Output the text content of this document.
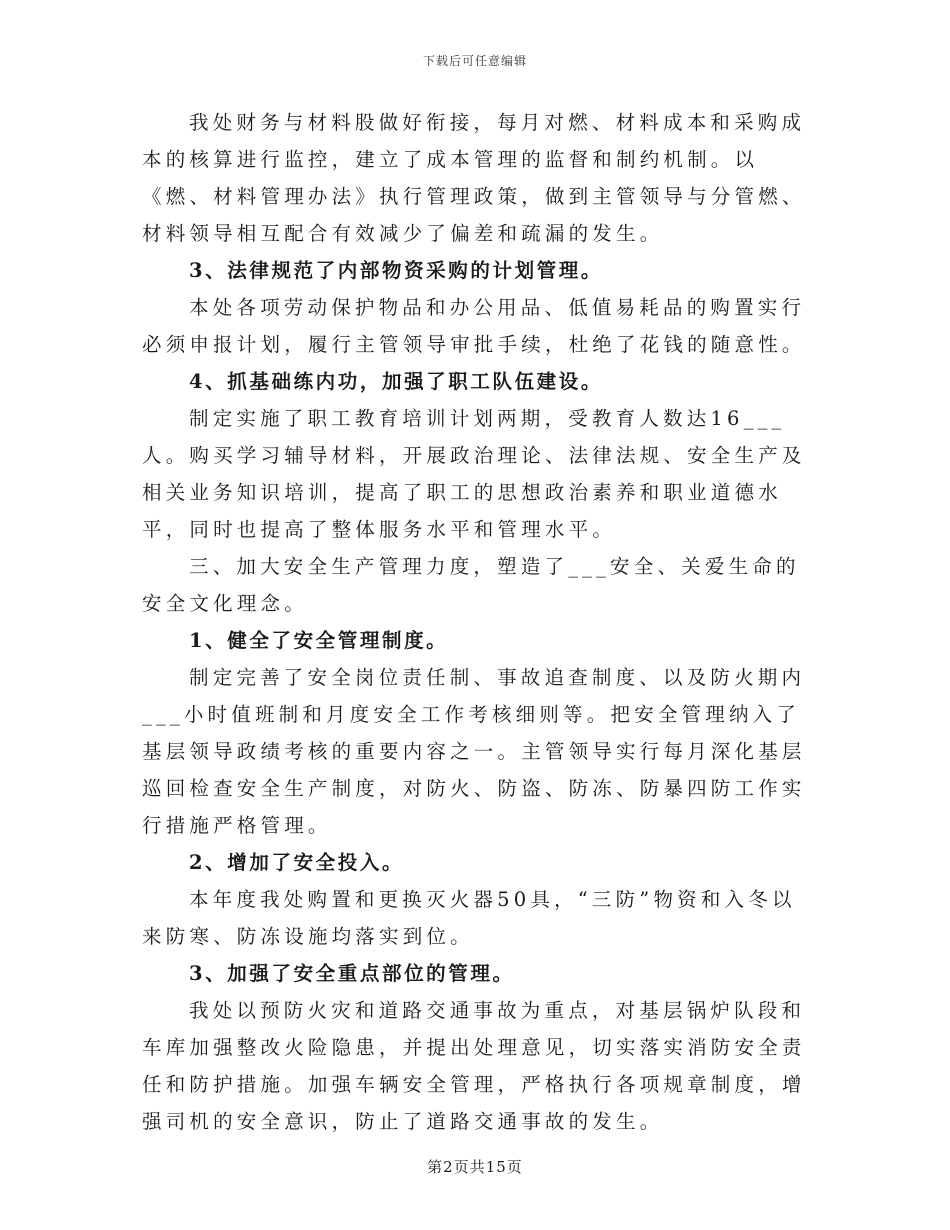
下载后可任意编辑

我处财务与材料股做好衔接，每月对燃、材料成本和采购成本的核算进行监控，建立了成本管理的监督和制约机制。以《燃、材料管理办法》执行管理政策，做到主管领导与分管燃、材料领导相互配合有效减少了偏差和疏漏的发生。

3、法律规范了内部物资采购的计划管理。

本处各项劳动保护物品和办公用品、低值易耗品的购置实行必须申报计划，履行主管领导审批手续，杜绝了花钱的随意性。

4、抓基础练内功，加强了职工队伍建设。

制定实施了职工教育培训计划两期，受教育人数达16___人。购买学习辅导材料，开展政治理论、法律法规、安全生产及相关业务知识培训，提高了职工的思想政治素养和职业道德水平，同时也提高了整体服务水平和管理水平。

三、加大安全生产管理力度，塑造了___安全、关爱生命的安全文化理念。

1、健全了安全管理制度。

制定完善了安全岗位责任制、事故追查制度、以及防火期内___小时值班制和月度安全工作考核细则等。把安全管理纳入了基层领导政绩考核的重要内容之一。主管领导实行每月深化基层巡回检查安全生产制度，对防火、防盗、防冻、防暴四防工作实行措施严格管理。

2、增加了安全投入。

本年度我处购置和更换灭火器50具，“三防”物资和入冬以来防寒、防冻设施均落实到位。

3、加强了安全重点部位的管理。

我处以预防火灾和道路交通事故为重点，对基层锅炉队段和车库加强整改火险隐患，并提出处理意见，切实落实消防安全责任和防护措施。加强车辆安全管理，严格执行各项规章制度，增强司机的安全意识，防止了道路交通事故的发生。

第2页共15页
